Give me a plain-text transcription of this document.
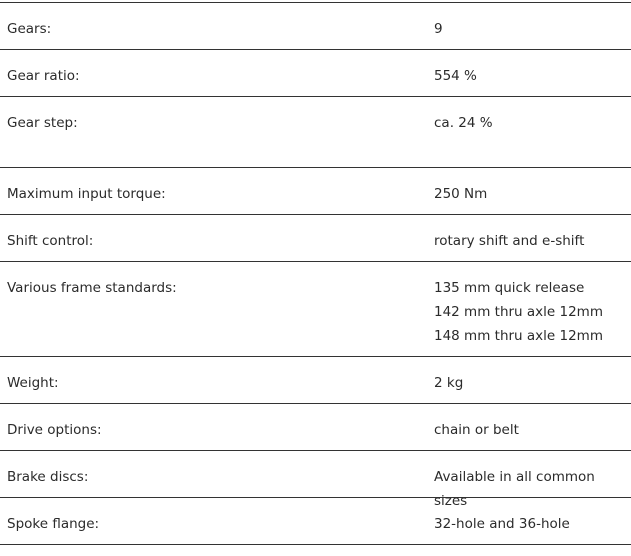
Gears:	9
Gear ratio:	554 %
Gear step:	ca. 24 %
Maximum input torque:	250 Nm
Shift control:	rotary shift and e-shift
Various frame standards:	135 mm quick release
142 mm thru axle 12mm
148 mm thru axle 12mm
Weight:	2 kg
Drive options:	chain or belt
Brake discs:	Available in all common sizes
Spoke flange:	32-hole and 36-hole
